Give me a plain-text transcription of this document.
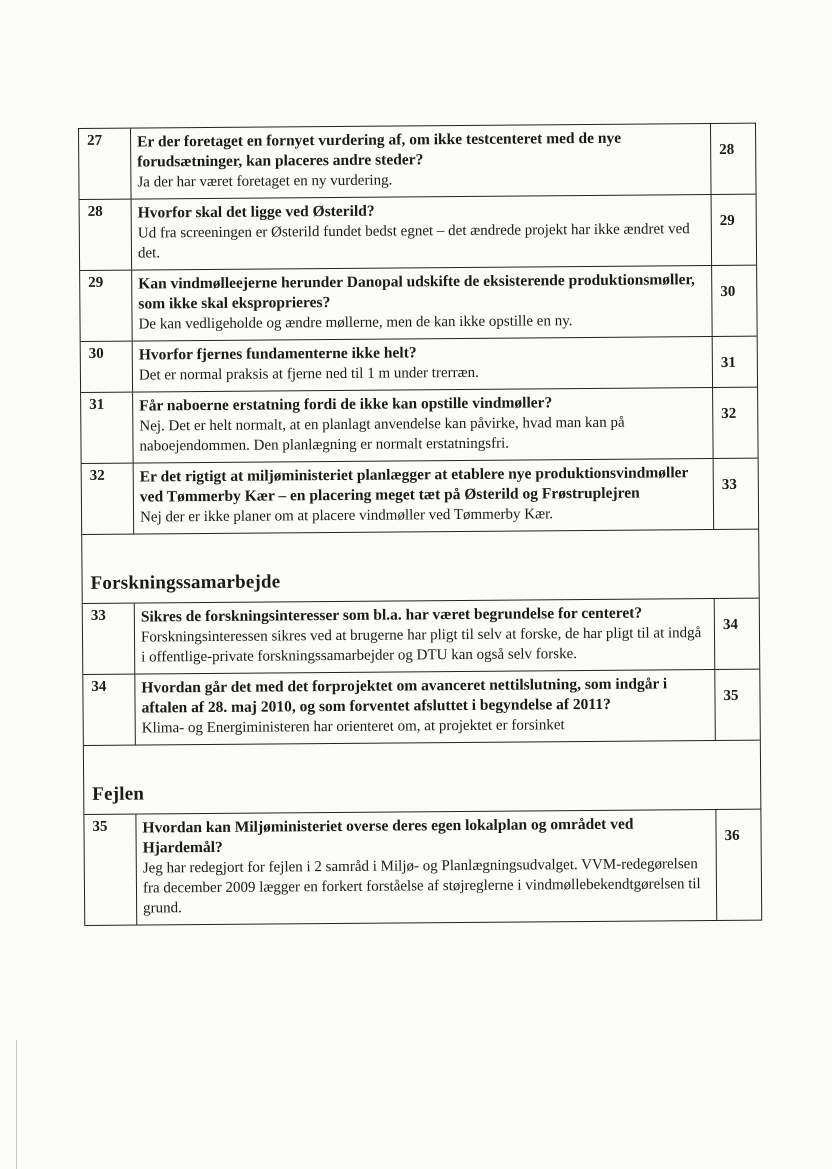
27	Er der foretaget en fornyet vurdering af, om ikke testcenteret med de nye forudsætninger, kan placeres andre steder?
Ja der har været foretaget en ny vurdering.
28
28	Hvorfor skal det ligge ved Østerild?
Ud fra screeningen er Østerild fundet bedst egnet – det ændrede projekt har ikke ændret ved det.
29
29	Kan vindmølleejerne herunder Danopal udskifte de eksisterende produktionsmøller, som ikke skal eksproprieres?
De kan vedligeholde og ændre møllerne, men de kan ikke opstille en ny.
30
30	Hvorfor fjernes fundamenterne ikke helt?
Det er normal praksis at fjerne ned til 1 m under trerræn.
31
31	Får naboerne erstatning fordi de ikke kan opstille vindmøller?
Nej. Det er helt normalt, at en planlagt anvendelse kan påvirke, hvad man kan på naboejendommen. Den planlægning er normalt erstatningsfri.
32
32	Er det rigtigt at miljøministeriet planlægger at etablere nye produktionsvindmøller ved Tømmerby Kær – en placering meget tæt på Østerild og Frøstruplejren
Nej der er ikke planer om at placere vindmøller ved Tømmerby Kær.
33
Forskningssamarbejde
33	Sikres de forskningsinteresser som bl.a. har været begrundelse for centeret?
Forskningsinteressen sikres ved at brugerne har pligt til selv at forske, de har pligt til at indgå i offentlige-private forskningssamarbejder og DTU kan også selv forske.
34
34	Hvordan går det med det forprojektet om avanceret nettilslutning, som indgår i aftalen af 28. maj 2010, og som forventet afsluttet i begyndelse af 2011?
Klima- og Energiministeren har orienteret om, at projektet er forsinket
35
Fejlen
35	Hvordan kan Miljøministeriet overse deres egen lokalplan og området ved Hjardemål?
Jeg har redegjort for fejlen i 2 samråd i Miljø- og Planlægningsudvalget. VVM-redegørelsen fra december 2009 lægger en forkert forståelse af støjreglerne i vindmøllebekendtgørelsen til grund.
36
